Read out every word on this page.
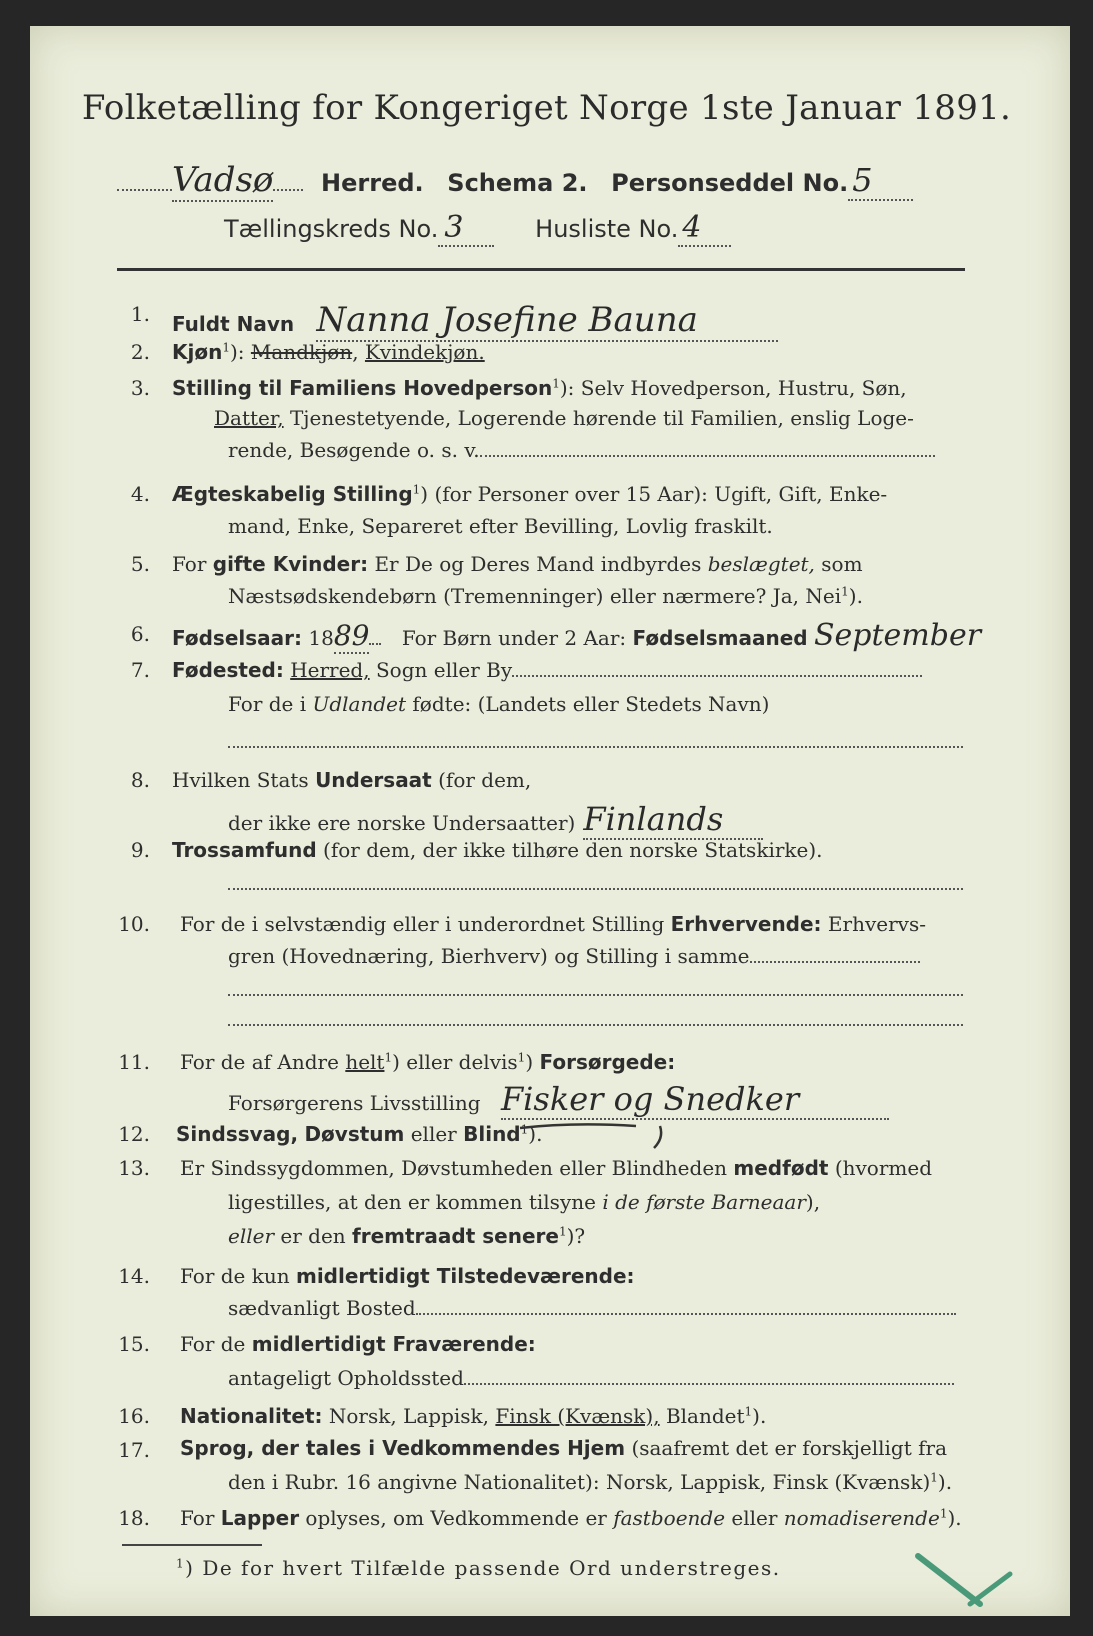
Folketælling for Kongeriget Norge 1ste Januar 1891.
Vadsø Herred. Schema 2. Personseddel No. 5
Tællingskreds No. 3	Husliste No. 4
1. Fuldt Navn Nanna Josefine Bauna
2. Kjøn$^1$): Mandkjøn, Kvindekjøn.
3. Stilling til Familiens Hovedperson$^1$): Selv Hovedperson, Hustru, Søn,
Datter, Tjenestetyende, Logerende hørende til Familien, enslig Loge-
rende, Besøgende o. s. v.
4. Ægteskabelig Stilling$^1$) (for Personer over 15 Aar): Ugift, Gift, Enke-
mand, Enke, Separeret efter Bevilling, Lovlig fraskilt.
5. For gifte Kvinder: Er De og Deres Mand indbyrdes beslægtet, som
Næstsødskendebørn (Tremenninger) eller nærmere? Ja, Nei$^1$).
6. Fødselsaar: 1889 For Børn under 2 Aar: Fødselsmaaned September
7. Fødested: Herred, Sogn eller By
For de i Udlandet fødte: (Landets eller Stedets Navn)
8. Hvilken Stats Undersaat (for dem,
der ikke ere norske Undersaatter) Finlands
9. Trossamfund (for dem, der ikke tilhøre den norske Statskirke).
10. For de i selvstændig eller i underordnet Stilling Erhvervende: Erhvervs-
gren (Hovednæring, Bierhverv) og Stilling i samme
11. For de af Andre helt$^1$) eller delvis$^1$) Forsørgede:
Forsørgerens Livsstilling Fisker og Snedker
12. Sindssvag, Døvstum eller Blind$^1$).
13. Er Sindssygdommen, Døvstumheden eller Blindheden medfødt (hvormed
ligestilles, at den er kommen tilsyne i de første Barneaar),
eller er den fremtraadt senere$^1$)?
14. For de kun midlertidigt Tilstedeværende:
sædvanligt Bosted
15. For de midlertidigt Fraværende:
antageligt Opholdssted
16. Nationalitet: Norsk, Lappisk, Finsk (Kvænsk), Blandet$^1$).
17. Sprog, der tales i Vedkommendes Hjem (saafremt det er forskjelligt fra
den i Rubr. 16 angivne Nationalitet): Norsk, Lappisk, Finsk (Kvænsk)$^1$).
18. For Lapper oplyses, om Vedkommende er fastboende eller nomadiserende$^1$).
$^1$) De for hvert Tilfælde passende Ord understreges.
